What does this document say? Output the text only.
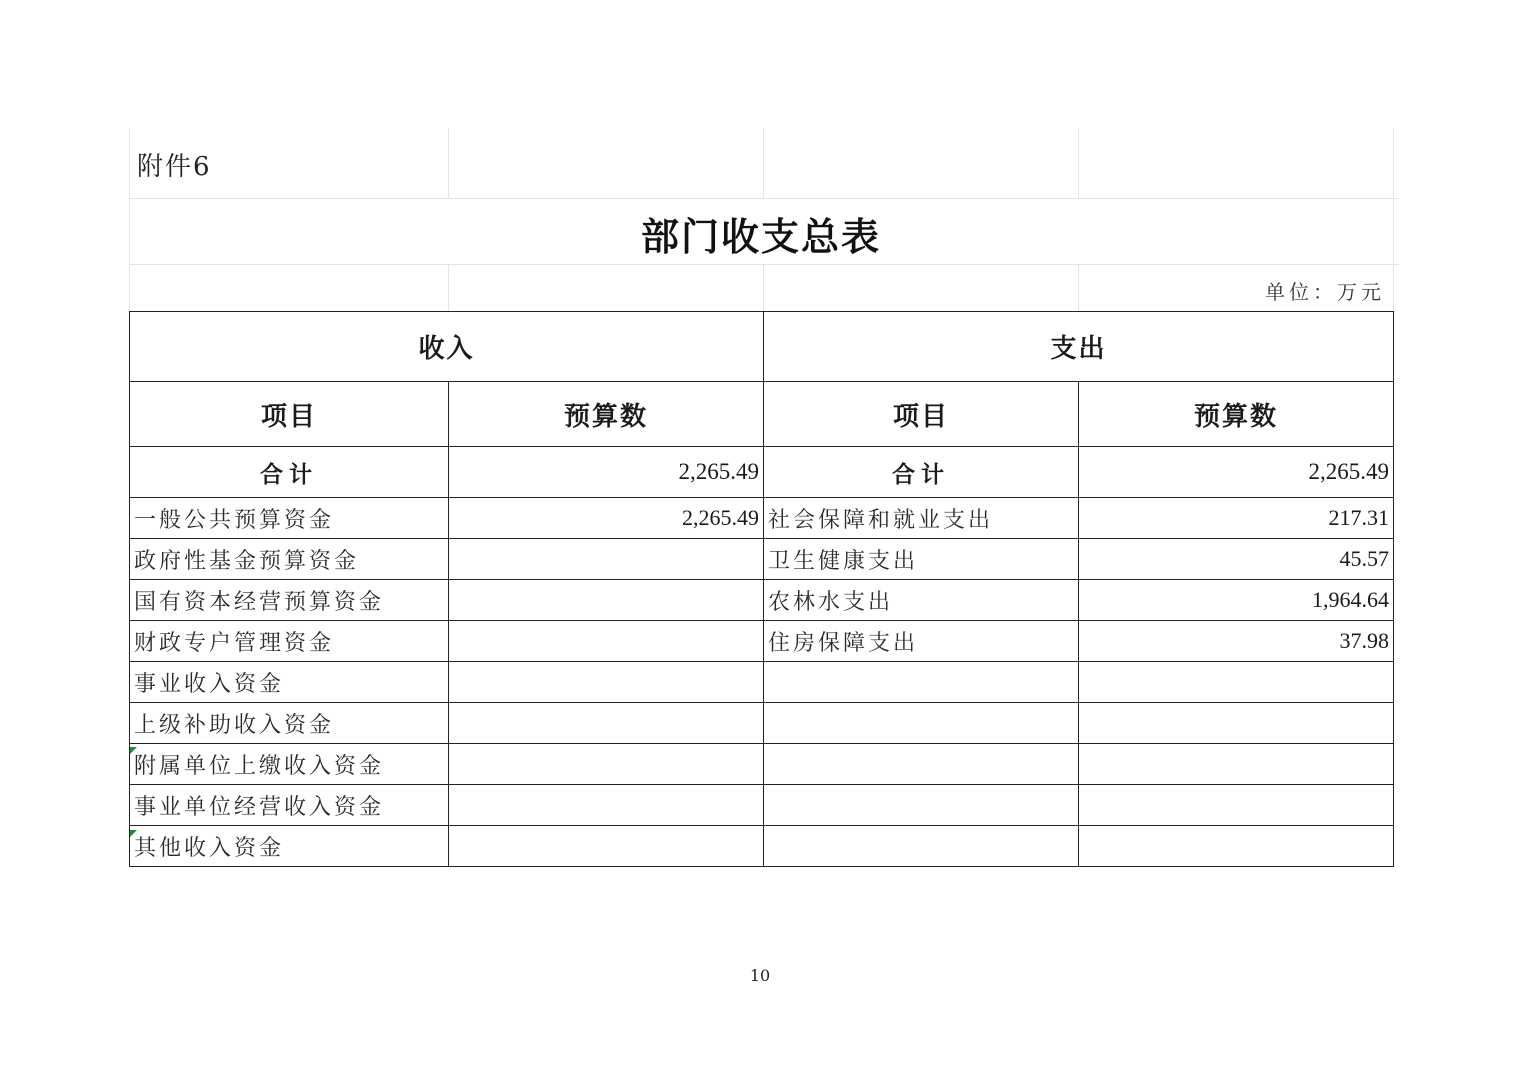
附件6
部门收支总表
单位：万元
收入		支出	
项目	预算数	项目	预算数
合计	2,265.49	合计	2,265.49
一般公共预算资金	2,265.49	社会保障和就业支出	217.31
政府性基金预算资金		卫生健康支出	45.57
国有资本经营预算资金		农林水支出	1,964.64
财政专户管理资金		住房保障支出	37.98
事业收入资金			
上级补助收入资金			
附属单位上缴收入资金			
事业单位经营收入资金			
其他收入资金			
10
